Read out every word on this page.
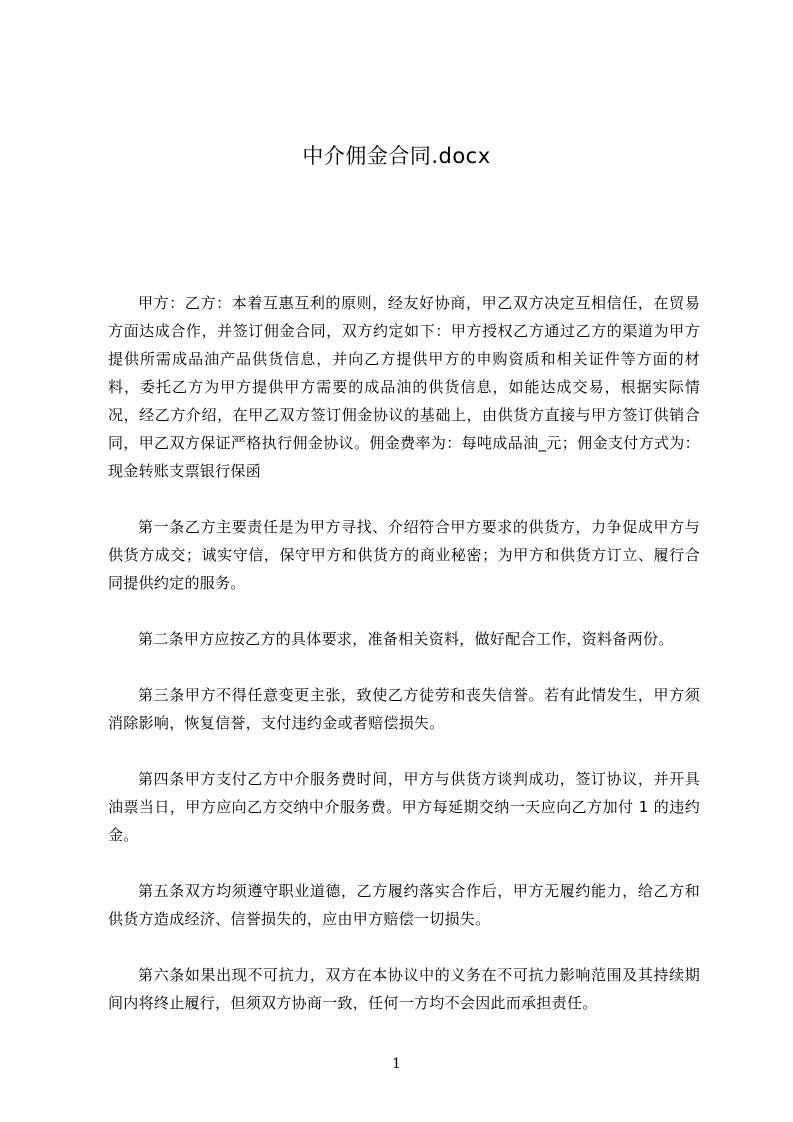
中介佣金合同.docx

甲方：乙方：本着互惠互利的原则，经友好协商，甲乙双方决定互相信任，在贸易方面达成合作，并签订佣金合同，双方约定如下：甲方授权乙方通过乙方的渠道为甲方提供所需成品油产品供货信息，并向乙方提供甲方的申购资质和相关证件等方面的材料，委托乙方为甲方提供甲方需要的成品油的供货信息，如能达成交易，根据实际情况，经乙方介绍，在甲乙双方签订佣金协议的基础上，由供货方直接与甲方签订供销合同，甲乙双方保证严格执行佣金协议。佣金费率为：每吨成品油_元；佣金支付方式为：现金转账支票银行保函

第一条乙方主要责任是为甲方寻找、介绍符合甲方要求的供货方，力争促成甲方与供货方成交；诚实守信，保守甲方和供货方的商业秘密；为甲方和供货方订立、履行合同提供约定的服务。

第二条甲方应按乙方的具体要求，准备相关资料，做好配合工作，资料备两份。

第三条甲方不得任意变更主张，致使乙方徒劳和丧失信誉。若有此情发生，甲方须消除影响，恢复信誉，支付违约金或者赔偿损失。

第四条甲方支付乙方中介服务费时间，甲方与供货方谈判成功，签订协议，并开具油票当日，甲方应向乙方交纳中介服务费。甲方每延期交纳一天应向乙方加付 1 的违约金。

第五条双方均须遵守职业道德，乙方履约落实合作后，甲方无履约能力，给乙方和供货方造成经济、信誉损失的，应由甲方赔偿一切损失。

第六条如果出现不可抗力，双方在本协议中的义务在不可抗力影响范围及其持续期间内将终止履行，但须双方协商一致，任何一方均不会因此而承担责任。

1
